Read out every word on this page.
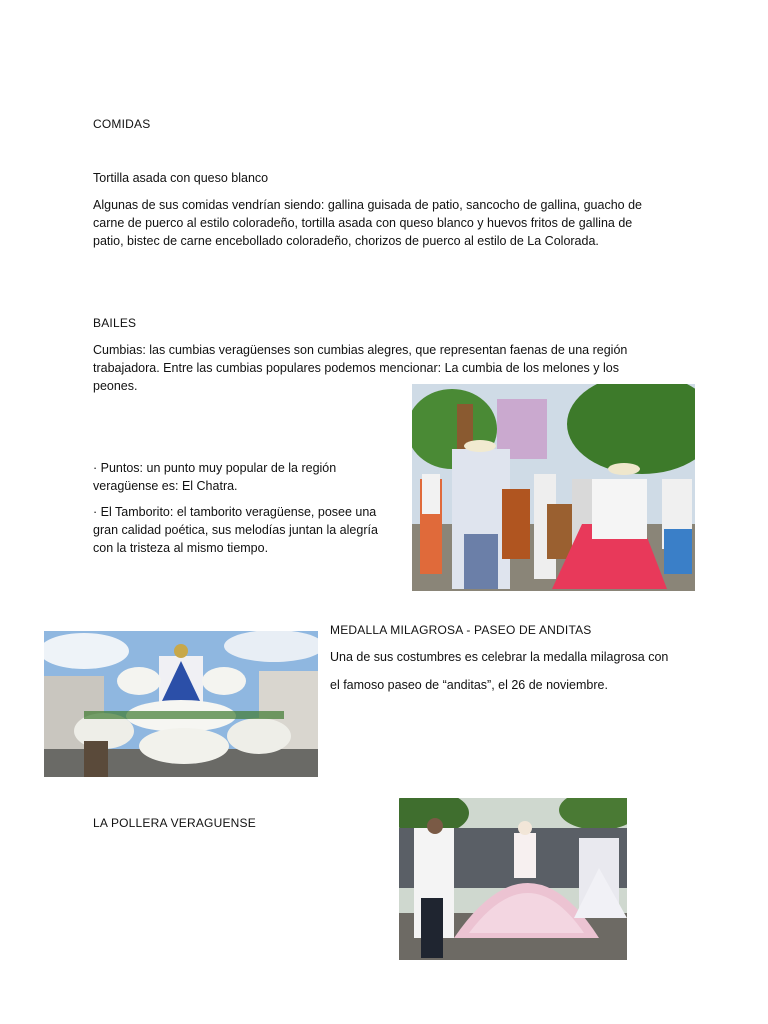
COMIDAS
Tortilla asada con queso blanco

Algunas de sus comidas vendrían siendo: gallina guisada de patio, sancocho de gallina, guacho de carne de puerco al estilo coloradeño, tortilla asada con queso blanco y huevos fritos de gallina de patio, bistec de carne encebollado coloradeño, chorizos de puerco al estilo de La Colorada.

BAILES

Cumbias: las cumbias veragüenses son cumbias alegres, que representan faenas de una región trabajadora. Entre las cumbias populares podemos mencionar: La cumbia de los melones y los peones.

· Puntos: un punto muy popular de la región veragüense es: El Chatra.

· El Tamborito: el tamborito veragüense, posee una gran calidad poética, sus melodías juntan la alegría con la tristeza al mismo tiempo.

MEDALLA MILAGROSA - PASEO DE ANDITAS
Una de sus costumbres es celebrar la medalla milagrosa con
el famoso paseo de “anditas”, el 26 de noviembre.
LA POLLERA VERAGUENSE
